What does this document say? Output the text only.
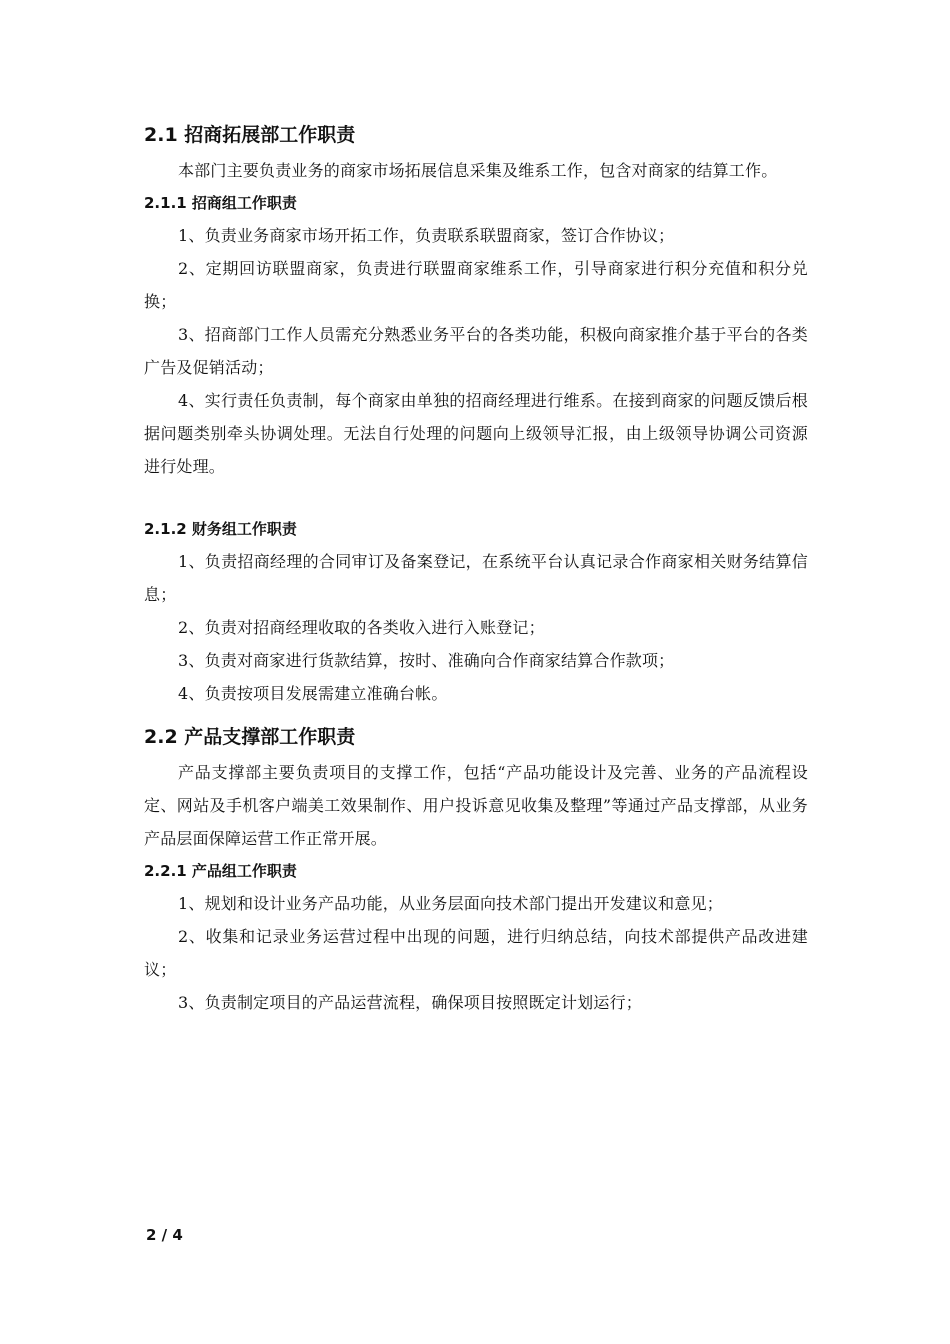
2.1 招商拓展部工作职责

本部门主要负责业务的商家市场拓展信息采集及维系工作，包含对商家的结算工作。

2.1.1 招商组工作职责

1、负责业务商家市场开拓工作，负责联系联盟商家，签订合作协议；

2、定期回访联盟商家，负责进行联盟商家维系工作，引导商家进行积分充值和积分兑换；

3、招商部门工作人员需充分熟悉业务平台的各类功能，积极向商家推介基于平台的各类广告及促销活动；

4、实行责任负责制，每个商家由单独的招商经理进行维系。在接到商家的问题反馈后根据问题类别牵头协调处理。无法自行处理的问题向上级领导汇报，由上级领导协调公司资源进行处理。

2.1.2 财务组工作职责

1、负责招商经理的合同审订及备案登记，在系统平台认真记录合作商家相关财务结算信息；

2、负责对招商经理收取的各类收入进行入账登记；

3、负责对商家进行货款结算，按时、准确向合作商家结算合作款项；

4、负责按项目发展需建立准确台帐。

2.2 产品支撑部工作职责

产品支撑部主要负责项目的支撑工作，包括“产品功能设计及完善、业务的产品流程设定、网站及手机客户端美工效果制作、用户投诉意见收集及整理”等通过产品支撑部，从业务产品层面保障运营工作正常开展。

2.2.1 产品组工作职责

1、规划和设计业务产品功能，从业务层面向技术部门提出开发建议和意见；

2、收集和记录业务运营过程中出现的问题，进行归纳总结，向技术部提供产品改进建议；

3、负责制定项目的产品运营流程，确保项目按照既定计划运行；

2 / 4
